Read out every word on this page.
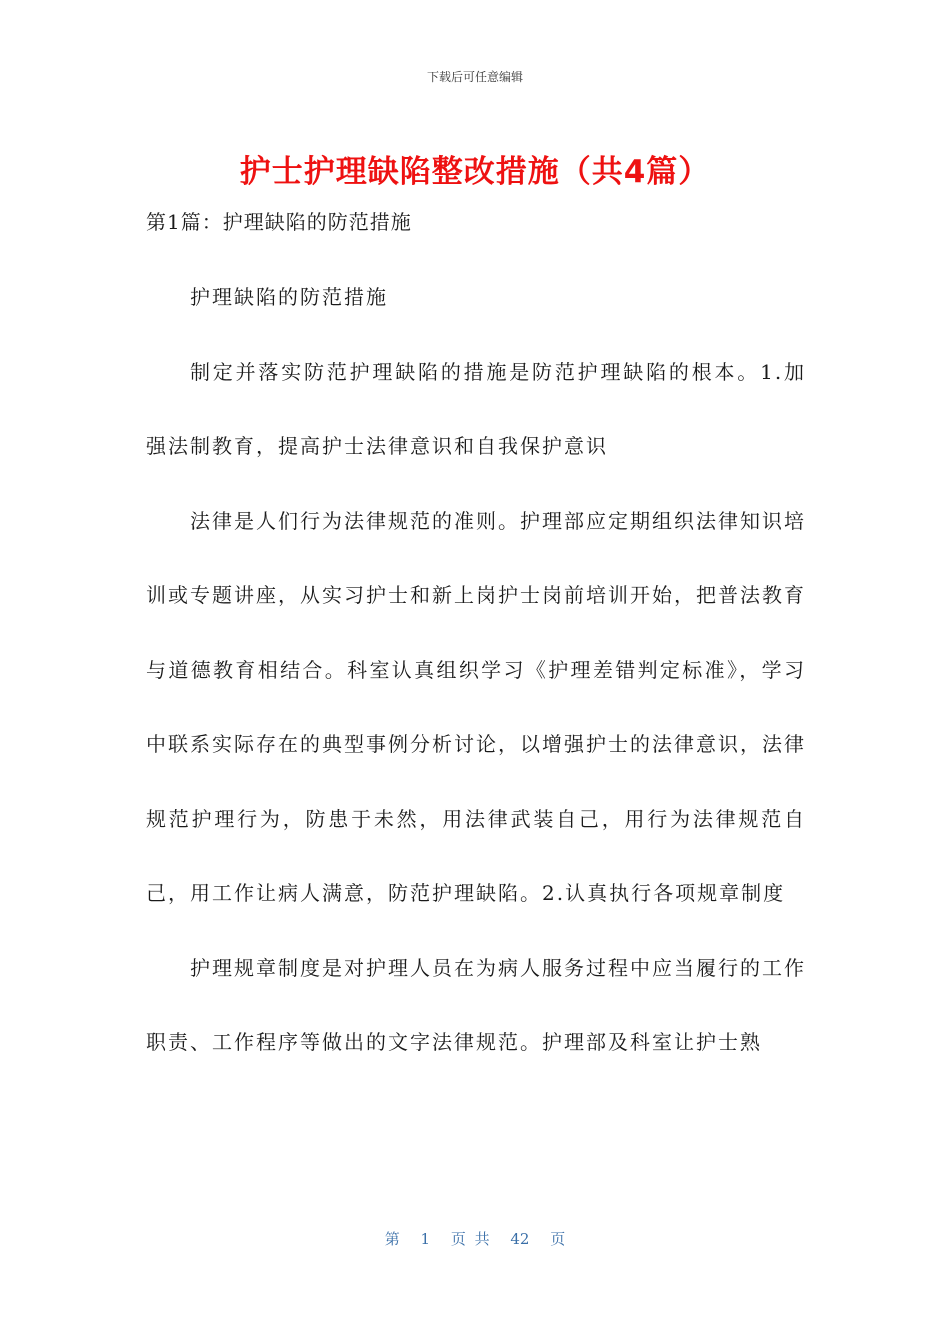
下载后可任意编辑
护士护理缺陷整改措施（共4篇）
第1篇：护理缺陷的防范措施

护理缺陷的防范措施

制定并落实防范护理缺陷的措施是防范护理缺陷的根本。1.加强法制教育，提高护士法律意识和自我保护意识

法律是人们行为法律规范的准则。护理部应定期组织法律知识培训或专题讲座，从实习护士和新上岗护士岗前培训开始，把普法教育与道德教育相结合。科室认真组织学习《护理差错判定标准》，学习中联系实际存在的典型事例分析讨论，以增强护士的法律意识，法律规范护理行为，防患于未然，用法律武装自己，用行为法律规范自己，用工作让病人满意，防范护理缺陷。2.认真执行各项规章制度

护理规章制度是对护理人员在为病人服务过程中应当履行的工作职责、工作程序等做出的文字法律规范。护理部及科室让护士熟

第 1 页 共 42 页
